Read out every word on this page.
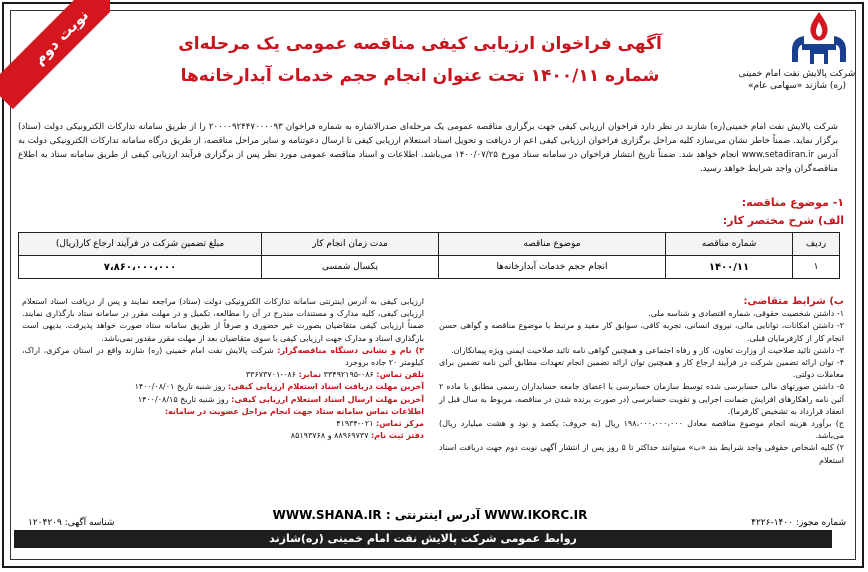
نوبت دوم
شرکت پالایش نفت امام خمینی (ره) شازند «سهامی عام»
آگهی فراخوان ارزیابی کیفی مناقصه عمومی یک مرحله‌ای
شماره ۱۴۰۰/۱۱ تحت عنوان انجام حجم خدمات آبدارخانه‌ها
شرکت پالایش نفت امام خمینی(ره) شازند در نظر دارد فراخوان ارزیابی کیفی جهت برگزاری مناقصه عمومی یک مرحله‌ای صدرالاشاره به شماره فراخوان ۲۰۰۰۰۹۲۴۴۷۰۰۰۰۹۳ را از طریق سامانه تدارکات الکترونیکی دولت (ستاد) برگزار نماید. ضمناً خاطر نشان می‌سازد کلیه مراحل برگزاری فراخوان ارزیابی کیفی اعم از دریافت و تحویل اسناد استعلام ارزیابی کیفی تا ارسال دعوتنامه و سایر مراحل مناقصه، از طریق درگاه سامانه تدارکات الکترونیکی دولت به آدرس www.setadiran.ir انجام خواهد شد. ضمناً تاریخ انتشار فراخوان در سامانه ستاد مورخ ۱۴۰۰/۰۷/۲۵ می‌باشد. اطلاعات و اسناد مناقصه عمومی مورد نظر پس از برگزاری فرآیند ارزیابی کیفی از طریق سامانه ستاد به اطلاع مناقصه‌گران واجد شرایط خواهد رسید.
۱- موضوع مناقصه:
الف) شرح مختصر کار:
ردیف	شماره مناقصه	موضوع مناقصه	مدت زمان انجام کار	مبلغ تضمین شرکت در فرآیند ارجاع کار(ریال)
۱	۱۴۰۰/۱۱	انجام حجم خدمات آبدارخانه‌ها	یکسال شمسی	۷،۸۶۰،۰۰۰،۰۰۰
ب) شرایط متقاضی:
۱- داشتن شخصیت حقوقی، شماره اقتصادی و شناسه ملی.
۲- داشتن امکانات، توانایی مالی، نیروی انسانی، تجربه کافی، سوابق کار مفید و مرتبط با موضوع مناقصه و گواهی حسن انجام کار از کارفرمایان قبلی.
۳- داشتن تائید صلاحیت از وزارت تعاون، کار و رفاه اجتماعی و همچنین گواهی نامه تائید صلاحیت ایمنی ویژه پیمانکاران.
۴- توان ارائه تضمین شرکت در فرآیند ارجاع کار و همچنین توان ارائه تضمین انجام تعهدات مطابق آئین نامه تضمین برای معاملات دولتی.
۵- داشتن صورتهای مالی حسابرسی شده توسط سازمان حسابرسی یا اعضای جامعه حسابداران رسمی مطابق با ماده ۲ آئین نامه راهکارهای افزایش ضمانت اجرایی و تقویت حسابرسی (در صورت برنده شدن در مناقصه، مربوط به سال قبل از انعقاد قرارداد به تشخیص کارفرما).
ج) برآورد هزینه انجام موضوع مناقصه معادل ۱۹۸،۰۰۰،۰۰۰،۰۰۰ ریال (به حروف: یکصد و نود و هشت میلیارد ریال) می‌باشد.
۲) کلیه اشخاص حقوقی واجد شرایط بند «ب» میتوانند حداکثر تا ۵ روز پس از انتشار آگهی نوبت دوم جهت دریافت اسناد استعلام
ارزیابی کیفی به آدرس اینترنتی سامانه تدارکات الکترونیکی دولت (ستاد) مراجعه نمایند و پس از دریافت اسناد استعلام ارزیابی کیفی، کلیه مدارک و مستندات مندرج در آن را مطالعه، تکمیل و در مهلت مقرر در سامانه ستاد بارگذاری نمایند. ضمناً ارزیابی کیفی متقاضیان بصورت غیر حضوری و صرفاً از طریق سامانه ستاد صورت خواهد پذیرفت. بدیهی است بارگذاری اسناد و مدارک جهت ارزیابی کیفی با سوی متقاضیان بعد از مهلت مقرر مقدور نمی‌باشد.
۳) نام و نشانی دستگاه مناقصه‌گزار: شرکت پالایش نفت امام خمینی (ره) شازند واقع در استان مرکزی، اراک، کیلومتر ۲۰ جاده بروجرد
تلفن تماس: ۰۸۶-۳۳۴۹۲۱۹۵ نمابر: ۰۸۶-۳۳۶۷۳۷۰۱
آخرین مهلت دریافت اسناد استعلام ارزیابی کیفی: روز شنبه تاریخ ۱۴۰۰/۰۸/۰۱
آخرین مهلت ارسال اسناد استعلام ارزیابی کیفی: روز شنبه تاریخ ۱۴۰۰/۰۸/۱۵
اطلاعات تماس سامانه ستاد جهت انجام مراحل عضویت در سامانه:
مرکز تماس: ۰۲۱-۴۱۹۳۴
دفتر ثبت نام: ۸۸۹۶۹۷۳۷ و ۸۵۱۹۳۷۶۸
شماره مجوز: ۱۴۰۰-۴۲۲۶
WWW.IKORC.IR آدرس اینترنتی : WWW.SHANA.IR
شناسه آگهی: ۱۲۰۴۲۰۹
روابط عمومی شرکت پالایش نفت امام خمینی (ره)شازند
